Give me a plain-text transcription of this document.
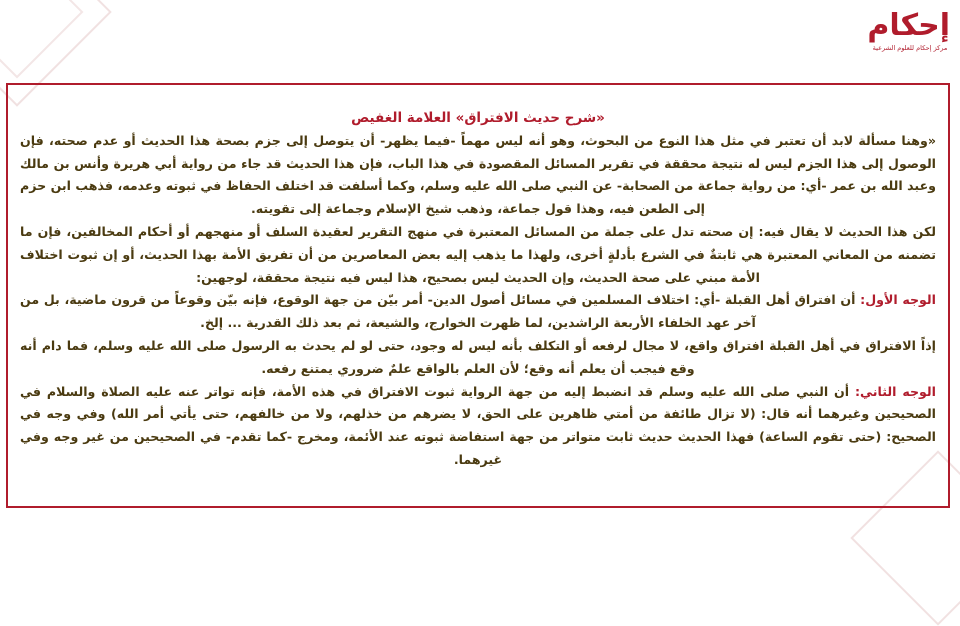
إحكام
مركز إحكام للعلوم الشرعية

«شرح حديث الافتراق» العلامة الغفيص

«وهنا مسألة لابد أن تعتبر في مثل هذا النوع من البحوث، وهو أنه ليس مهماً -فيما يظهر- أن يتوصل إلى جزم بصحة هذا الحديث أو عدم صحته، فإن الوصول إلى هذا الجزم ليس له نتيجة محققة في تقرير المسائل المقصودة في هذا الباب، فإن هذا الحديث قد جاء من رواية أبي هريرة وأنس بن مالك وعبد الله بن عمر -أي: من رواية جماعة من الصحابة- عن النبي صلى الله عليه وسلم، وكما أسلفت قد اختلف الحفاظ في ثبوته وعدمه، فذهب ابن حزم إلى الطعن فيه، وهذا قول جماعة، وذهب شيخ الإسلام وجماعة إلى تقويته.

لكن هذا الحديث لا يقال فيه: إن صحته تدل على جملة من المسائل المعتبرة في منهج التقرير لعقيدة السلف أو منهجهم أو أحكام المخالفين، فإن ما تضمنه من المعاني المعتبرة هي ثابتةٌ في الشرع بأدلةٍ أخرى، ولهذا ما يذهب إليه بعض المعاصرين من أن تفريق الأمة بهذا الحديث، أو إن ثبوت اختلاف الأمة مبني على صحة الحديث، وإن الحديث ليس بصحيح، هذا ليس فيه نتيجة محققة، لوجهين:

الوجه الأول: أن افتراق أهل القبلة -أي: اختلاف المسلمين في مسائل أصول الدين- أمر بيّن من جهة الوقوع، فإنه بيّن وقوعاً من قرون ماضية، بل من آخر عهد الخلفاء الأربعة الراشدين، لما ظهرت الخوارج، والشيعة، ثم بعد ذلك القدرية ... إلخ.

إذاً الافتراق في أهل القبلة افتراق واقع، لا مجال لرفعه أو التكلف بأنه ليس له وجود، حتى لو لم يحدث به الرسول صلى الله عليه وسلم، فما دام أنه وقع فيجب أن يعلم أنه وقع؛ لأن العلم بالواقع علمٌ ضروري يمتنع رفعه.

الوجه الثاني: أن النبي صلى الله عليه وسلم قد انضبط إليه من جهة الرواية ثبوت الافتراق في هذه الأمة، فإنه تواتر عنه عليه الصلاة والسلام في الصحيحين وغيرهما أنه قال: (لا تزال طائفة من أمتي ظاهرين على الحق، لا يضرهم من خذلهم، ولا من خالفهم، حتى يأتي أمر الله) وفي وجه في الصحيح: (حتى تقوم الساعة) فهذا الحديث حديث ثابت متواتر من جهة استفاضة ثبوته عند الأئمة، ومخرج -كما تقدم- في الصحيحين من غير وجه وفي غيرهما.
